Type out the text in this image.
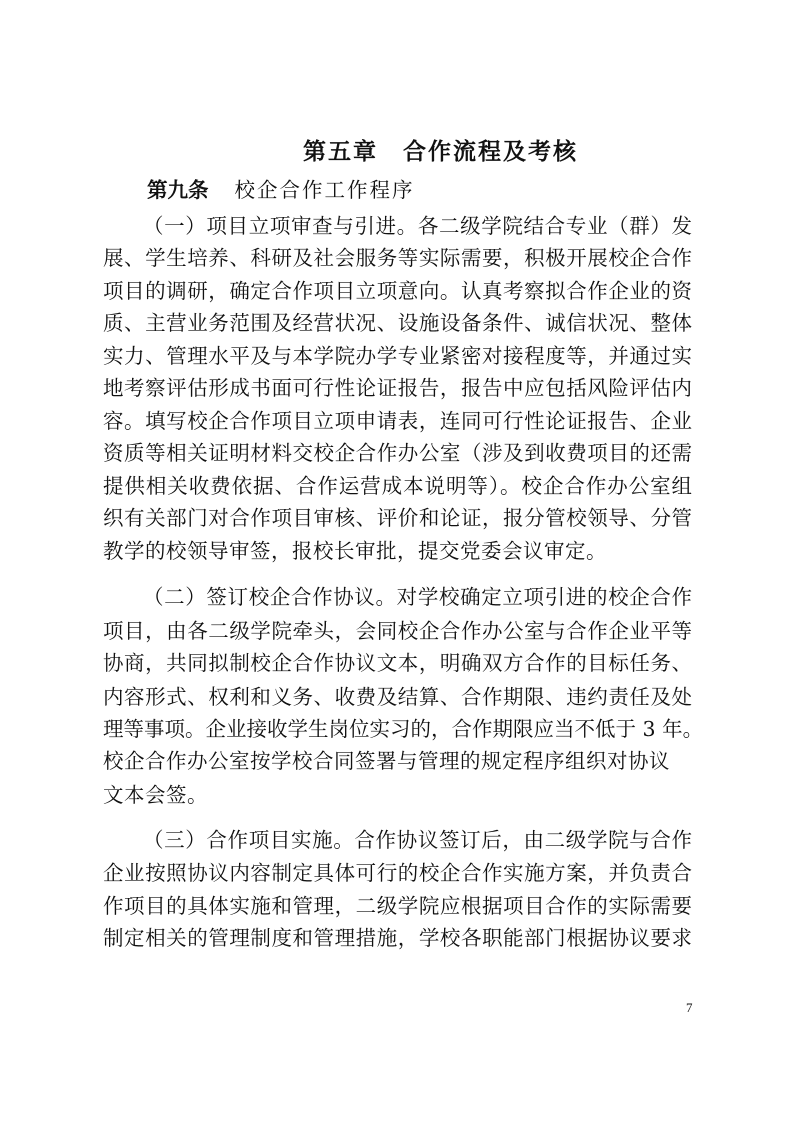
第五章　合作流程及考核
第九条 校企合作工作程序
（一）项目立项审查与引进。各二级学院结合专业（群）发
展、学生培养、科研及社会服务等实际需要，积极开展校企合作
项目的调研，确定合作项目立项意向。认真考察拟合作企业的资
质、主营业务范围及经营状况、设施设备条件、诚信状况、整体
实力、管理水平及与本学院办学专业紧密对接程度等，并通过实
地考察评估形成书面可行性论证报告，报告中应包括风险评估内
容。填写校企合作项目立项申请表，连同可行性论证报告、企业
资质等相关证明材料交校企合作办公室（涉及到收费项目的还需
提供相关收费依据、合作运营成本说明等）。校企合作办公室组
织有关部门对合作项目审核、评价和论证，报分管校领导、分管
教学的校领导审签，报校长审批，提交党委会议审定。
（二）签订校企合作协议。对学校确定立项引进的校企合作
项目，由各二级学院牵头，会同校企合作办公室与合作企业平等
协商，共同拟制校企合作协议文本，明确双方合作的目标任务、
内容形式、权利和义务、收费及结算、合作期限、违约责任及处
理等事项。企业接收学生岗位实习的，合作期限应当不低于 3 年。
校企合作办公室按学校合同签署与管理的规定程序组织对协议
文本会签。
（三）合作项目实施。合作协议签订后，由二级学院与合作
企业按照协议内容制定具体可行的校企合作实施方案，并负责合
作项目的具体实施和管理，二级学院应根据项目合作的实际需要
制定相关的管理制度和管理措施，学校各职能部门根据协议要求
7
